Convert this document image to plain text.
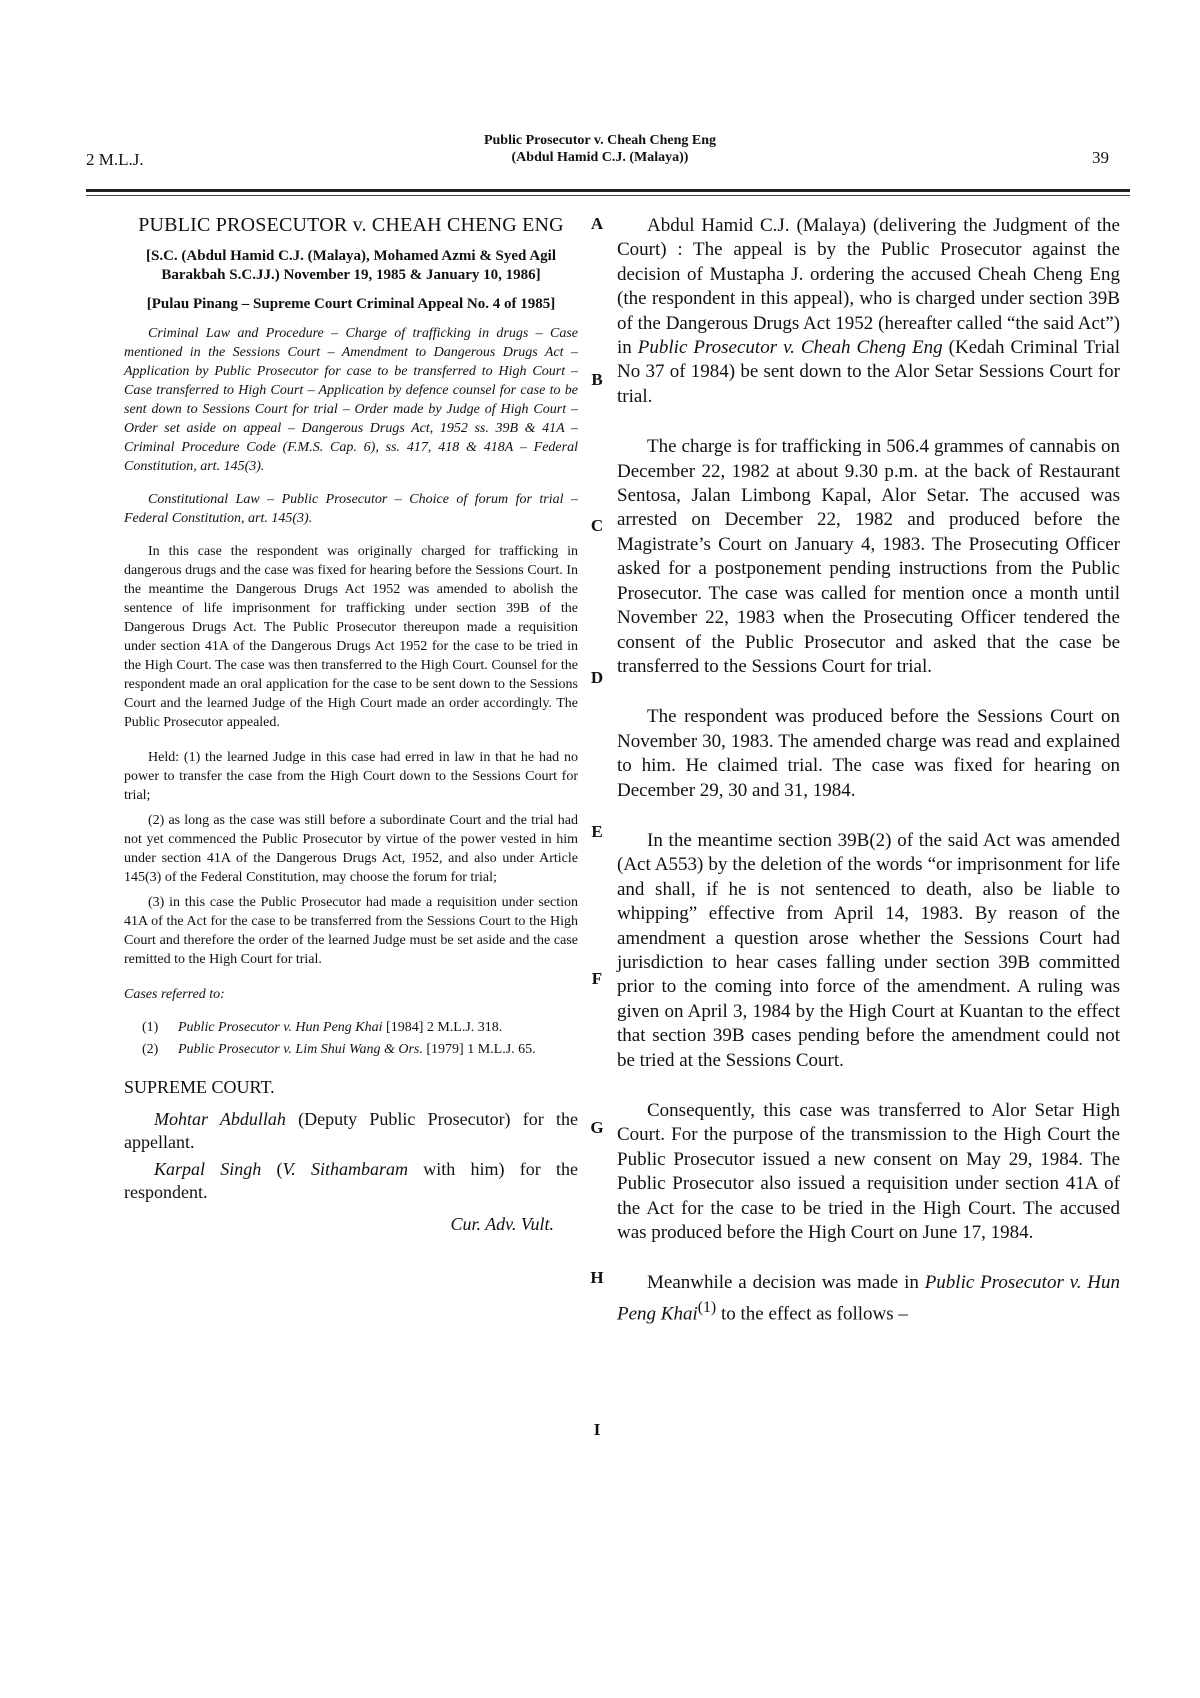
2 M.L.J.
Public Prosecutor v. Cheah Cheng Eng
(Abdul Hamid C.J. (Malaya))	39
PUBLIC PROSECUTOR v. CHEAH CHENG ENG
[S.C. (Abdul Hamid C.J. (Malaya), Mohamed Azmi & Syed Agil Barakbah S.C.JJ.) November 19, 1985 & January 10, 1986]
[Pulau Pinang – Supreme Court Criminal Appeal No. 4 of 1985]

Criminal Law and Procedure – Charge of trafficking in drugs – Case mentioned in the Sessions Court – Amendment to Dangerous Drugs Act – Application by Public Prosecutor for case to be transferred to High Court – Case transferred to High Court – Application by defence counsel for case to be sent down to Sessions Court for trial – Order made by Judge of High Court – Order set aside on appeal – Dangerous Drugs Act, 1952 ss. 39B & 41A – Criminal Procedure Code (F.M.S. Cap. 6), ss. 417, 418 & 418A – Federal Constitution, art. 145(3).

Constitutional Law – Public Prosecutor – Choice of forum for trial – Federal Constitution, art. 145(3).

In this case the respondent was originally charged for trafficking in dangerous drugs and the case was fixed for hearing before the Sessions Court. In the meantime the Dangerous Drugs Act 1952 was amended to abolish the sentence of life imprisonment for trafficking under section 39B of the Dangerous Drugs Act. The Public Prosecutor thereupon made a requisition under section 41A of the Dangerous Drugs Act 1952 for the case to be tried in the High Court. The case was then transferred to the High Court. Counsel for the respondent made an oral application for the case to be sent down to the Sessions Court and the learned Judge of the High Court made an order accordingly. The Public Prosecutor appealed.

Held: (1) the learned Judge in this case had erred in law in that he had no power to transfer the case from the High Court down to the Sessions Court for trial;

(2) as long as the case was still before a subordinate Court and the trial had not yet commenced the Public Prosecutor by virtue of the power vested in him under section 41A of the Dangerous Drugs Act, 1952, and also under Article 145(3) of the Federal Constitution, may choose the forum for trial;

(3) in this case the Public Prosecutor had made a requisition under section 41A of the Act for the case to be transferred from the Sessions Court to the High Court and therefore the order of the learned Judge must be set aside and the case remitted to the High Court for trial.

Cases referred to:
(1)	Public Prosecutor v. Hun Peng Khai [1984] 2 M.L.J. 318.
(2)	Public Prosecutor v. Lim Shui Wang & Ors. [1979] 1 M.L.J. 65.
SUPREME COURT.

Mohtar Abdullah (Deputy Public Prosecutor) for the appellant.

Karpal Singh (V. Sithambaram with him) for the respondent.

Cur. Adv. Vult.
A
B
C
D
E
F
G
H
I

Abdul Hamid C.J. (Malaya) (delivering the Judgment of the Court) : The appeal is by the Public Prosecutor against the decision of Mustapha J. ordering the accused Cheah Cheng Eng (the respondent in this appeal), who is charged under section 39B of the Dangerous Drugs Act 1952 (hereafter called “the said Act”) in Public Prosecutor v. Cheah Cheng Eng (Kedah Criminal Trial No 37 of 1984) be sent down to the Alor Setar Sessions Court for trial.

The charge is for trafficking in 506.4 grammes of cannabis on December 22, 1982 at about 9.30 p.m. at the back of Restaurant Sentosa, Jalan Limbong Kapal, Alor Setar. The accused was arrested on December 22, 1982 and produced before the Magistrate’s Court on January 4, 1983. The Prosecuting Officer asked for a postponement pending instructions from the Public Prosecutor. The case was called for mention once a month until November 22, 1983 when the Prosecuting Officer tendered the consent of the Public Prosecutor and asked that the case be transferred to the Sessions Court for trial.

The respondent was produced before the Sessions Court on November 30, 1983. The amended charge was read and explained to him. He claimed trial. The case was fixed for hearing on December 29, 30 and 31, 1984.

In the meantime section 39B(2) of the said Act was amended (Act A553) by the deletion of the words “or imprisonment for life and shall, if he is not sentenced to death, also be liable to whipping” effective from April 14, 1983. By reason of the amendment a question arose whether the Sessions Court had jurisdiction to hear cases falling under section 39B committed prior to the coming into force of the amendment. A ruling was given on April 3, 1984 by the High Court at Kuantan to the effect that section 39B cases pending before the amendment could not be tried at the Sessions Court.

Consequently, this case was transferred to Alor Setar High Court. For the purpose of the transmission to the High Court the Public Prosecutor issued a new consent on May 29, 1984. The Public Prosecutor also issued a requisition under section 41A of the Act for the case to be tried in the High Court. The accused was produced before the High Court on June 17, 1984.

Meanwhile a decision was made in Public Prosecutor v. Hun Peng Khai$^{(1)}$ to the effect as follows –
